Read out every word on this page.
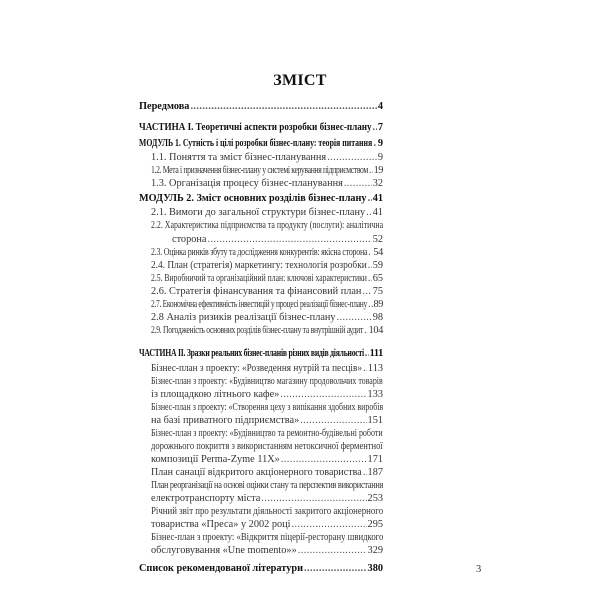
ЗМІСТ
Передмова .....	4
ЧАСТИНА І. Теоретичні аспекти розробки бізнес-плану ..... 7
МОДУЛЬ 1. Сутність і цілі розробки бізнес-плану: теорія питання ..... 9
1.1. Поняття та зміст бізнес-планування .....	9
1.2. Мета і призначення бізнес-плану у системі керування підприємством ..... 19
1.3. Організація процесу бізнес-планування .....	32
МОДУЛЬ 2. Зміст основних розділів бізнес-плану ..... 41
2.1. Вимоги до загальної структури бізнес-плану ..... 41
2.2. Характеристика підприємства та продукту (послуги): аналітична
сторона .....	52
2.3. Оцінка ринків збуту та дослідження конкурентів: якісна сторона ..... 54
2.4. План (стратегія) маркетингу: технологія розробки ..... 59
2.5. Виробничий та організаційний план: ключові характеристики ..... 65
2.6. Стратегія фінансування та фінансовий план ..... 75
2.7. Економічна ефективність інвестицій у процесі реалізації бізнес-плану ..... 89
2.8 Аналіз ризиків реалізації бізнес-плану .....	98
2.9. Погодженість основних розділів бізнес-плану та внутрішній аудит ..... 104
ЧАСТИНА ІІ. Зразки реальних бізнес-планів різних видів діяльності ..... 111
Бізнес-план з проекту: «Розведення нутрій та песців» ..... 113
Бізнес-план з проекту: «Будівництво магазину продовольчих товарів
із площадкою літнього кафе» .....	133
Бізнес-план з проекту: «Створення цеху з випікання здобних виробів
на базі приватного підприємства» .....	151
Бізнес-план з проекту: «Будівництво та ремонтно-будівельні роботи
дорожнього покриття з використанням нетоксичної ферментної
композиції Perma-Zyme 11X» .....	171
План санації відкритого акціонерного товариства ..... 187
План реорганізації на основі оцінки стану та перспектив використання
електротранспорту міста .....	253
Річний звіт про результати діяльності закритого акціонерного
товариства «Преса» у 2002 році .....	295
Бізнес-план з проекту: «Відкриття піцерії-ресторану швидкого
обслуговування «Une momento»» .....	329
Список рекомендованої літератури .....	380	3
